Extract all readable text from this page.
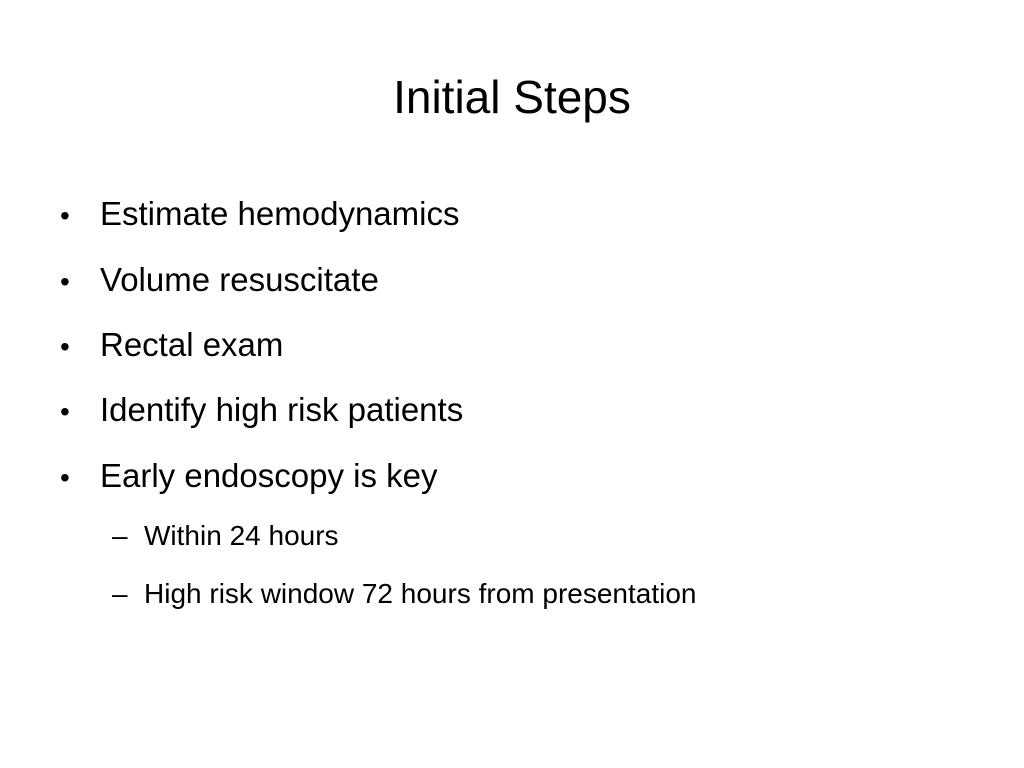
Initial Steps
• Estimate hemodynamics
• Volume resuscitate
• Rectal exam
• Identify high risk patients
• Early endoscopy is key
– Within 24 hours
– High risk window 72 hours from presentation
